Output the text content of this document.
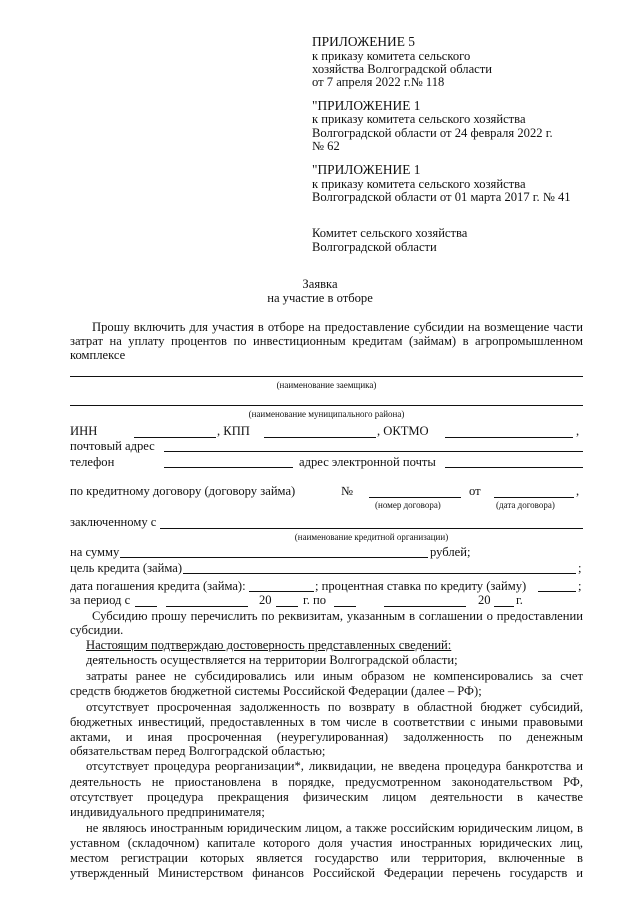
ПРИЛОЖЕНИЕ 5
к приказу комитета сельского
хозяйства Волгоградской области
от 7 апреля 2022 г.№ 118
"ПРИЛОЖЕНИЕ 1
к приказу комитета сельского хозяйства
Волгоградской области от 24 февраля 2022 г.
№ 62
"ПРИЛОЖЕНИЕ 1
к приказу комитета сельского хозяйства
Волгоградской области от 01 марта 2017 г. № 41
Комитет сельского хозяйства
Волгоградской области
Заявка
на участие в отборе
Прошу включить для участия в отборе на предоставление субсидии на возмещение части
затрат на уплату процентов по инвестиционным кредитам (займам) в агропромышленном
комплексе
(наименование заемщика)
(наименование муниципального района)
ИНН	, КПП	, ОКТМО	,
почтовый адрес
телефон	адрес электронной почты
по кредитному договору (договору займа)	№	от	,
(номер договора)	(дата договора)
заключенному с
(наименование кредитной организации)
на сумму	рублей;
цель кредита (займа)	;
дата погашения кредита (займа):	; процентная ставка по кредиту (займу)	;
за период с	20 г. по	20 г.
Субсидию прошу перечислить по реквизитам, указанным в соглашении о предоставлении
субсидии.
Настоящим подтверждаю достоверность представленных сведений:
деятельность осуществляется на территории Волгоградской области;
затраты ранее не субсидировались или иным образом не компенсировались за счет
средств бюджетов бюджетной системы Российской Федерации (далее – РФ);
отсутствует просроченная задолженность по возврату в областной бюджет субсидий,
бюджетных инвестиций, предоставленных в том числе в соответствии с иными правовыми
актами, и иная просроченная (неурегулированная) задолженность по денежным
обязательствам перед Волгоградской областью;
отсутствует процедура реорганизации*, ликвидации, не введена процедура банкротства и
деятельность не приостановлена в порядке, предусмотренном законодательством РФ,
отсутствует процедура прекращения физическим лицом деятельности в качестве
индивидуального предпринимателя;
не являюсь иностранным юридическим лицом, а также российским юридическим лицом, в
уставном (складочном) капитале которого доля участия иностранных юридических лиц,
местом регистрации которых является государство или территория, включенные в
утвержденный Министерством финансов Российской Федерации перечень государств и
